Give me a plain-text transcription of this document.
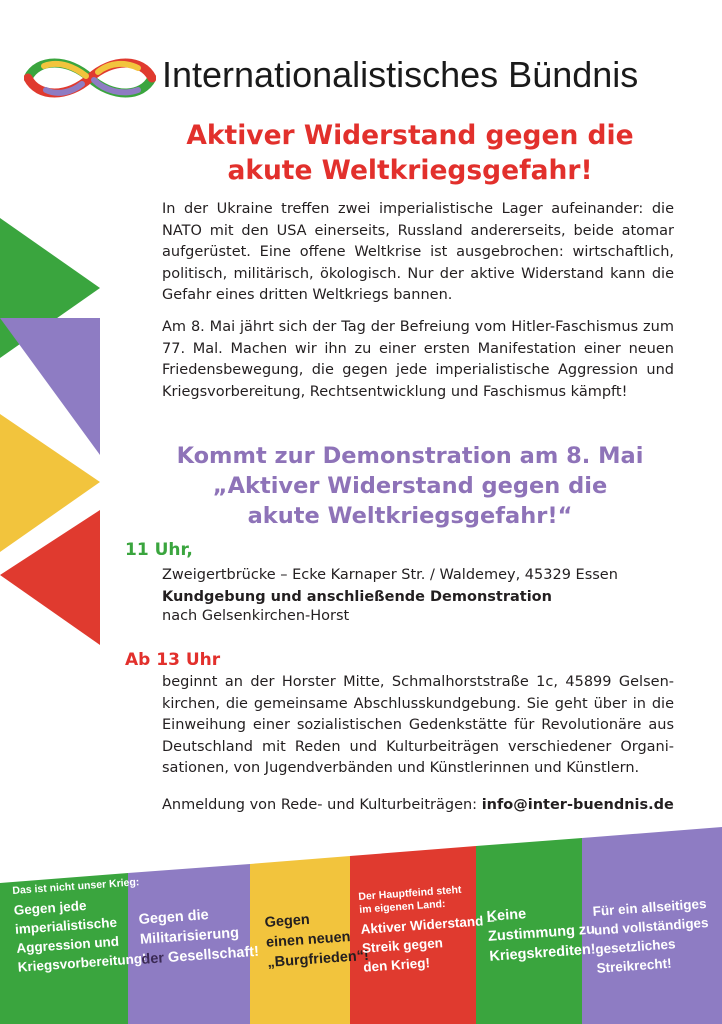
Internationalistisches Bündnis
Aktiver Widerstand gegen die
akute Weltkriegsgefahr!

In der Ukraine treffen zwei imperialistische Lager aufeinander: die NATO mit den USA einerseits, Russland andererseits, beide atomar aufgerüstet. Eine offene Weltkrise ist ausgebrochen: wirtschaftlich, politisch, militärisch, ökologisch. Nur der aktive Widerstand kann die Gefahr eines dritten Weltkriegs bannen.

Am 8. Mai jährt sich der Tag der Befreiung vom Hitler-Faschismus zum 77. Mal. Machen wir ihn zu einer ersten Manifestation einer neuen Friedensbewegung, die gegen jede imperialistische Aggression und Kriegsvorbereitung, Rechtsentwicklung und Faschismus kämpft!

Kommt zur Demonstration am 8. Mai
„Aktiver Widerstand gegen die
akute Weltkriegsgefahr!“
11 Uhr,
Zweigertbrücke – Ecke Karnaper Str. / Waldemey, 45329 Essen
Kundgebung und anschließende Demonstration
nach Gelsenkirchen-Horst
Ab 13 Uhr

beginnt an der Horster Mitte, Schmalhorststraße 1c, 45899 Gelsenkirchen, die gemeinsame Abschlusskundgebung. Sie geht über in die Einweihung einer sozialistischen Gedenkstätte für Revolutionäre aus Deutschland mit Reden und Kulturbeiträgen verschiedener Organisationen, von Jugendverbänden und Künstlerinnen und Künstlern.

Anmeldung von Rede- und Kulturbeiträgen: info@inter-buendnis.de
Das ist nicht unser Krieg:
Gegen jede
imperialistische
Aggression und
Kriegsvorbereitung!
Gegen die
Militarisierung
der Gesellschaft!
Gegen
einen neuen
„Burgfrieden“!
Der Hauptfeind steht
im eigenen Land:
Aktiver Widerstand –
Streik gegen
den Krieg!
Keine
Zustimmung zu
Kriegskrediten!
Für ein allseitiges
und vollständiges
gesetzliches
Streikrecht!
